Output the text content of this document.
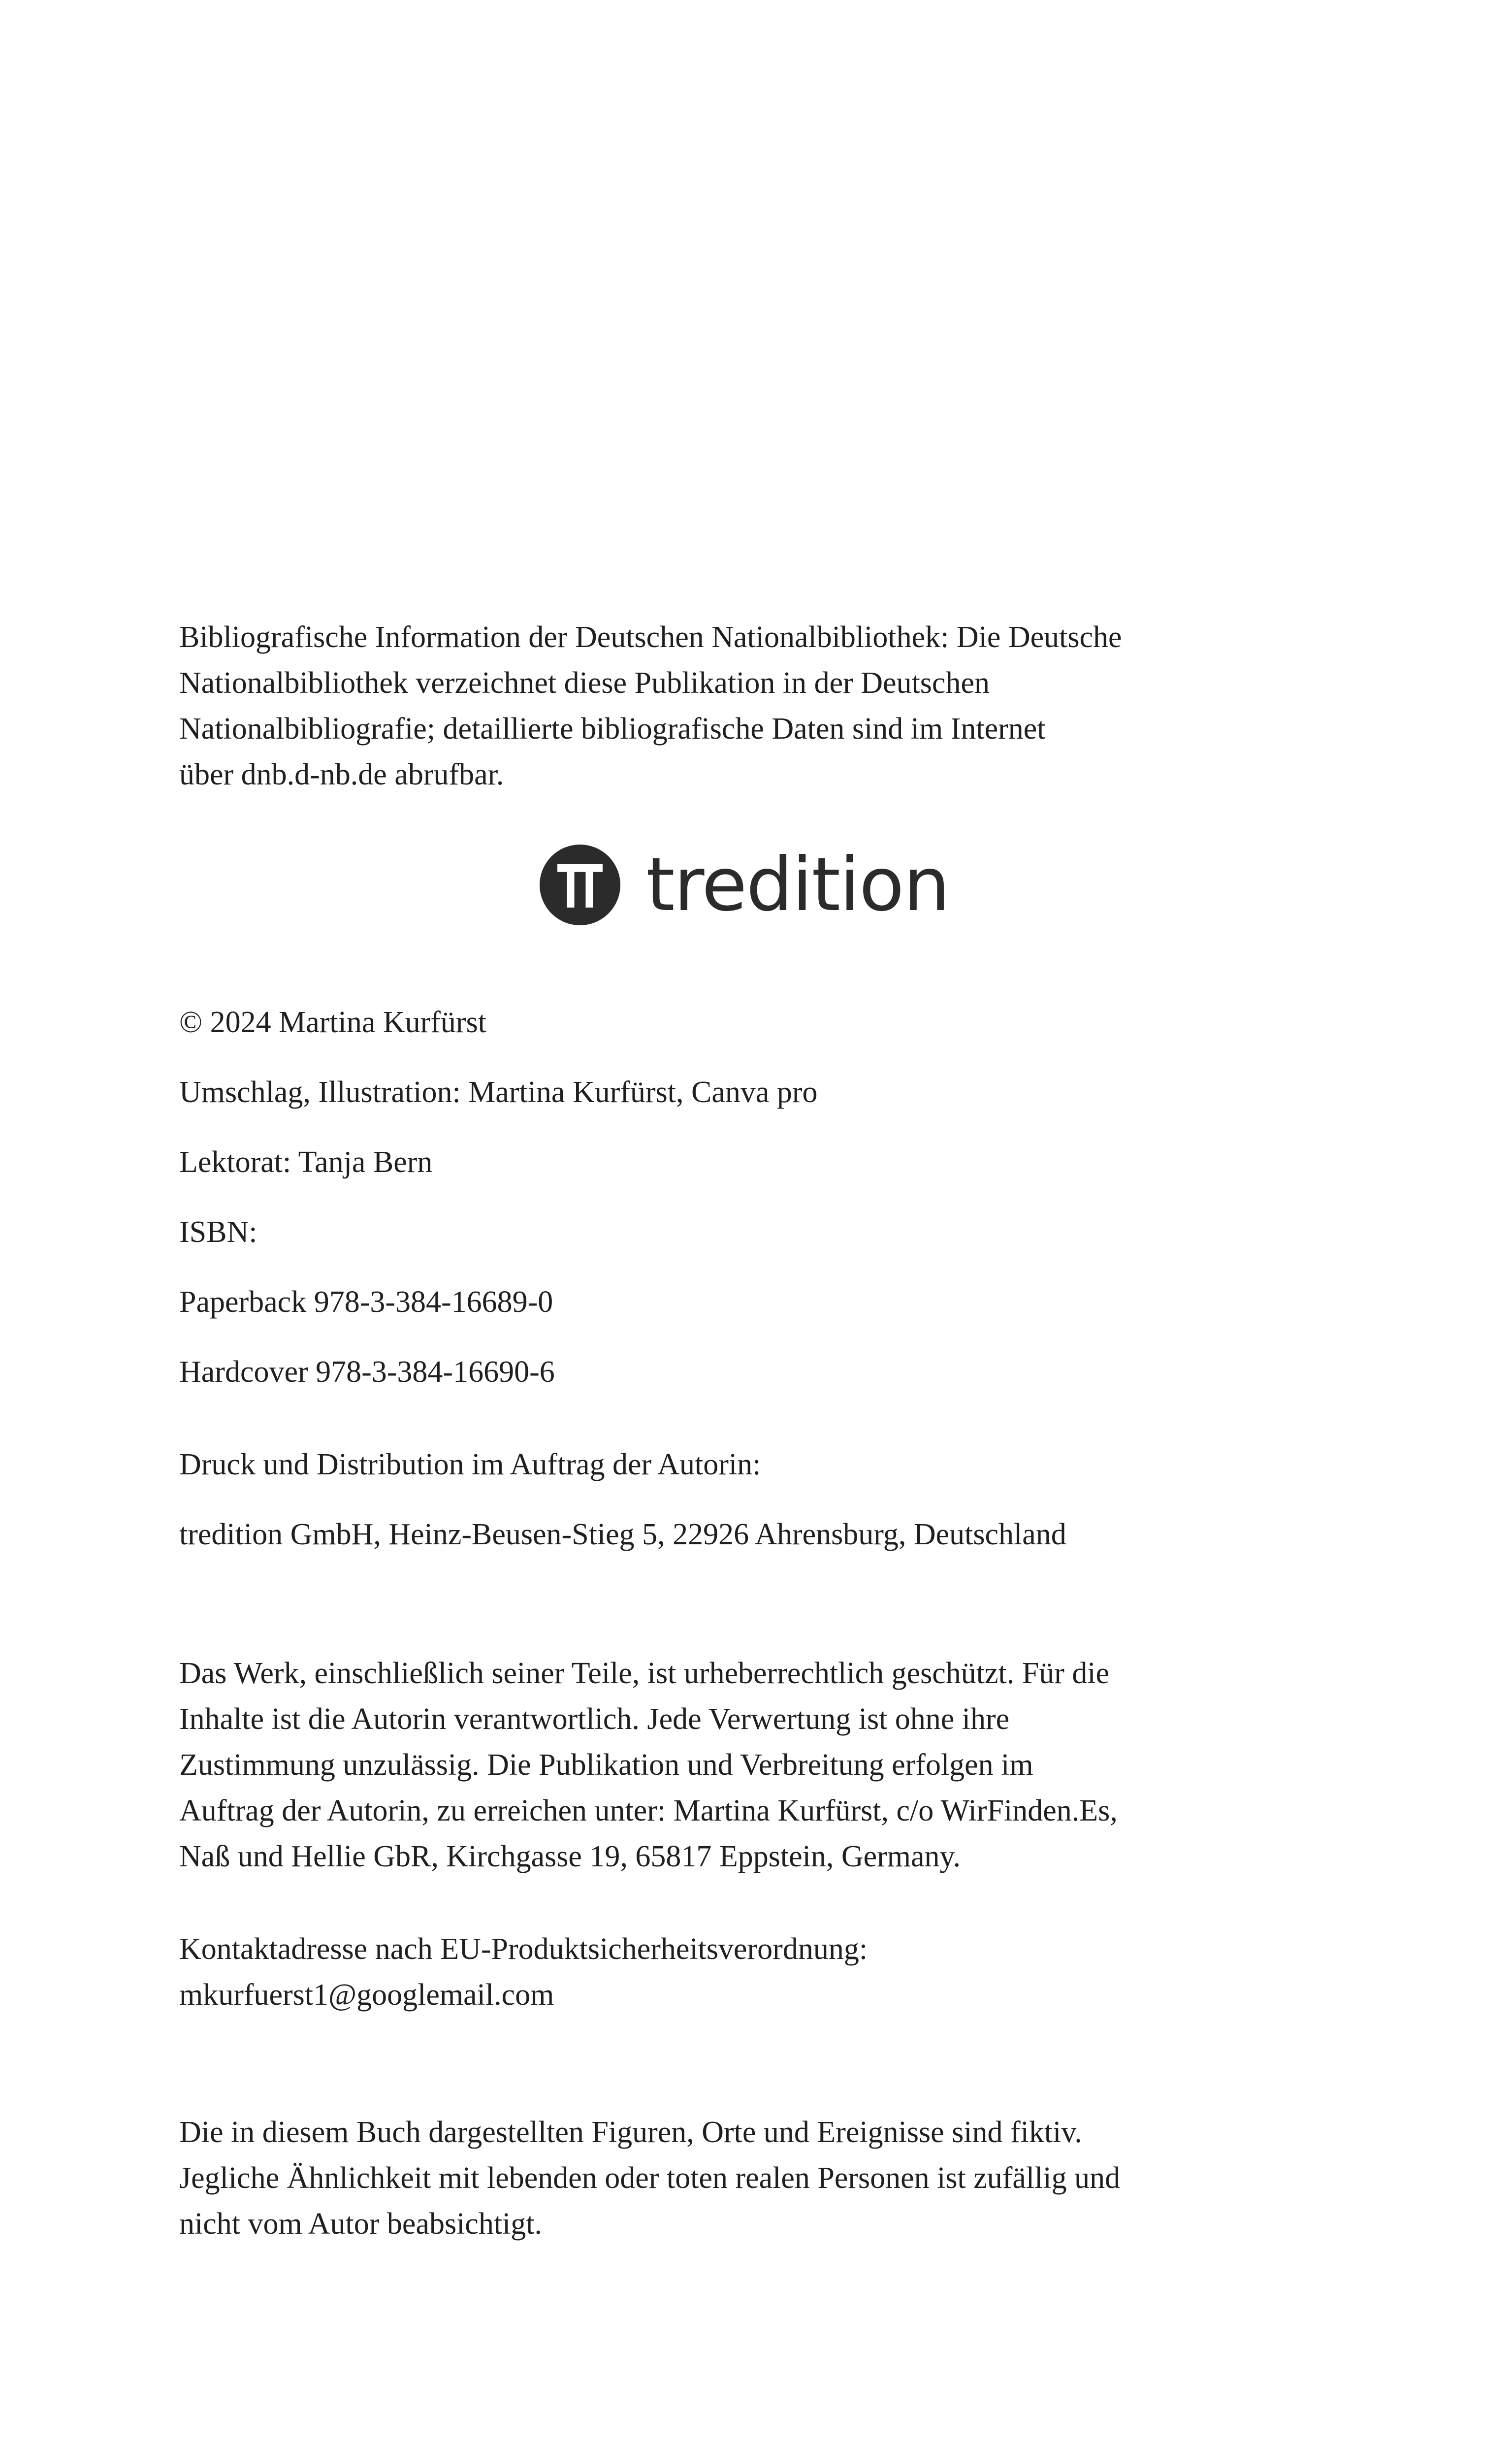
Bibliografische Information der Deutschen Nationalbibliothek: Die Deutsche
Nationalbibliothek verzeichnet diese Publikation in der Deutschen
Nationalbibliografie; detaillierte bibliografische Daten sind im Internet
über dnb.d-nb.de abrufbar.

tredition

© 2024 Martina Kurfürst

Umschlag, Illustration: Martina Kurfürst, Canva pro

Lektorat: Tanja Bern

ISBN:

Paperback 978-3-384-16689-0

Hardcover 978-3-384-16690-6

Druck und Distribution im Auftrag der Autorin:

tredition GmbH, Heinz-Beusen-Stieg 5, 22926 Ahrensburg, Deutschland

Das Werk, einschließlich seiner Teile, ist urheberrechtlich geschützt. Für die
Inhalte ist die Autorin verantwortlich. Jede Verwertung ist ohne ihre
Zustimmung unzulässig. Die Publikation und Verbreitung erfolgen im
Auftrag der Autorin, zu erreichen unter: Martina Kurfürst, c/o WirFinden.Es,
Naß und Hellie GbR, Kirchgasse 19, 65817 Eppstein, Germany.

Kontaktadresse nach EU-Produktsicherheitsverordnung:
mkurfuerst1@googlemail.com

Die in diesem Buch dargestellten Figuren, Orte und Ereignisse sind fiktiv.
Jegliche Ähnlichkeit mit lebenden oder toten realen Personen ist zufällig und
nicht vom Autor beabsichtigt.
